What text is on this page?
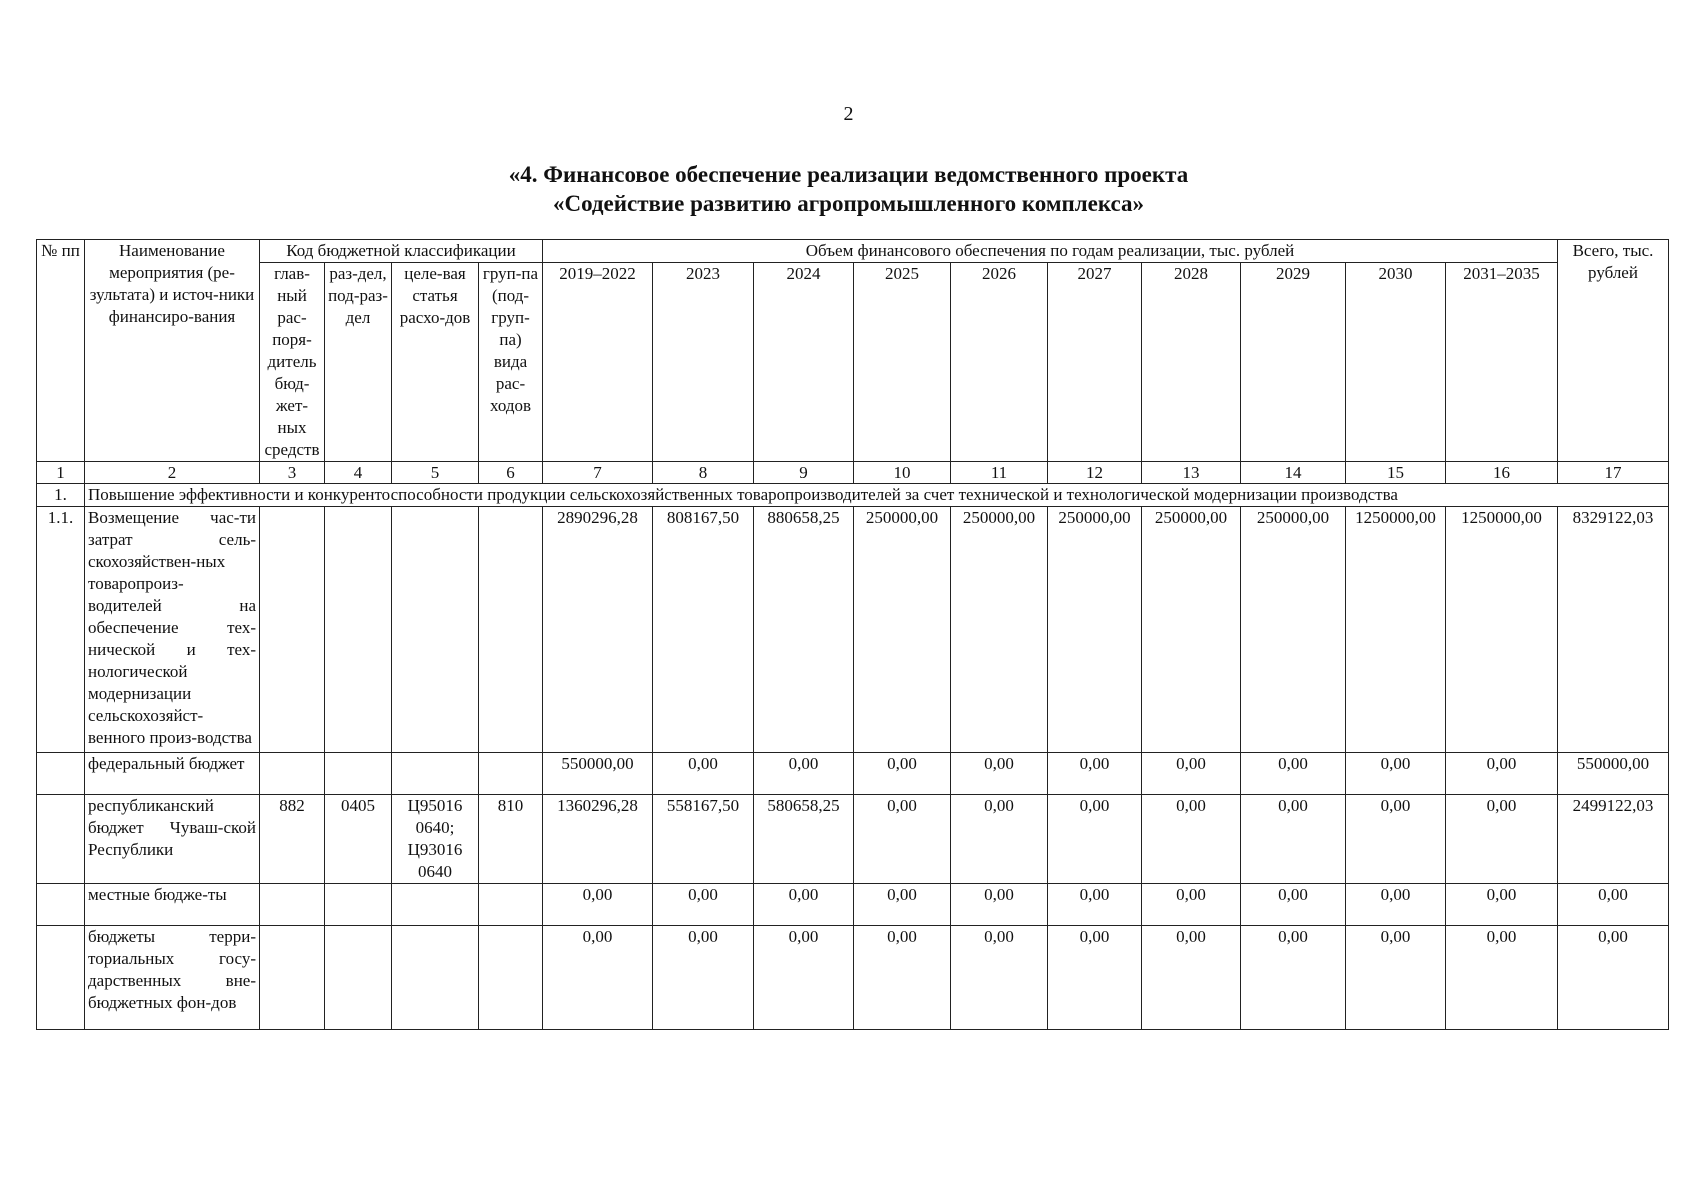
2
«4. Финансовое обеспечение реализации ведомственного проекта
«Содействие развитию агропромышленного комплекса»
№ пп	Наименование мероприятия (ре-зультата) и источ-ники финансиро-вания	Код бюджетной классификации				Объем финансового обеспечения по годам реализации, тыс. рублей										Всего, тыс. рублей
		глав-ный рас-поря-дитель бюд-жет-ных средств	раз-дел, под-раз-дел	целе-вая статья расхо-дов	груп-па (под-груп-па) вида рас-ходов	2019–2022	2023	2024	2025	2026	2027	2028	2029	2030	2031–2035	
1	2	3	4	5	6	7	8	9	10	11	12	13	14	15	16	17
1.	Повышение эффективности и конкурентоспособности продукции сельскохозяйственных товаропроизводителей за счет технической и технологической модернизации производства															
1.1.	Возмещение час-ти затрат сель-скохозяйствен-ных товаропроиз-водителей на обеспечение тех-нической и тех-нологической модернизации сельскохозяйст-венного произ-водства					2890296,28	808167,50	880658,25	250000,00	250000,00	250000,00	250000,00	250000,00	1250000,00	1250000,00	8329122,03
	федеральный бюджет					550000,00	0,00	0,00	0,00	0,00	0,00	0,00	0,00	0,00	0,00	550000,00
	республиканский бюджет Чуваш-ской Республики	882	0405	Ц95016 0640; Ц93016 0640	810	1360296,28	558167,50	580658,25	0,00	0,00	0,00	0,00	0,00	0,00	0,00	2499122,03
	местные бюдже-ты					0,00	0,00	0,00	0,00	0,00	0,00	0,00	0,00	0,00	0,00	0,00
	бюджеты терри-ториальных госу-дарственных вне-бюджетных фон-дов					0,00	0,00	0,00	0,00	0,00	0,00	0,00	0,00	0,00	0,00	0,00
